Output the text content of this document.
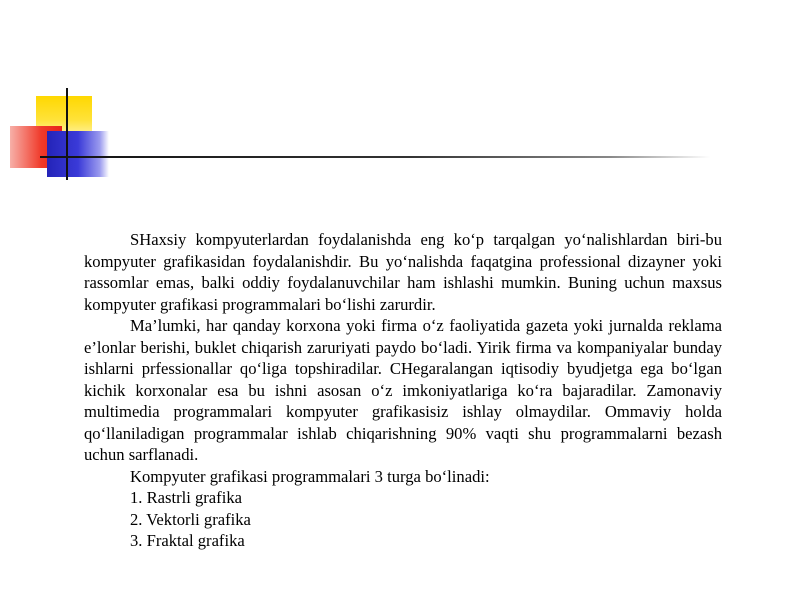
SHaxsiy kompyuterlardan foydalanishda eng ko‘p tarqalgan yo‘nalishlardan biri-bu kompyuter grafikasidan foydalanishdir. Bu yo‘nalishda faqatgina professional dizayner yoki rassomlar emas, balki oddiy foydalanuvchilar ham ishlashi mumkin. Buning uchun maxsus kompyuter grafikasi programmalari bo‘lishi zarurdir.

Ma’lumki, har qanday korxona yoki firma o‘z faoliyatida gazeta yoki jurnalda reklama e’lonlar berishi, buklet chiqarish zaruriyati paydo bo‘ladi. Yirik firma va kompaniyalar bunday ishlarni prfessionallar qo‘liga topshiradilar. CHegaralangan iqtisodiy byudjetga ega bo‘lgan kichik korxonalar esa bu ishni asosan o‘z imkoniyatlariga ko‘ra bajaradilar. Zamonaviy multimedia programmalari kompyuter grafikasisiz ishlay olmaydilar. Ommaviy holda qo‘llaniladigan programmalar ishlab chiqarishning 90% vaqti shu programmalarni bezash uchun sarflanadi.

Kompyuter grafikasi programmalari 3 turga bo‘linadi:

1. Rastrli grafika

2. Vektorli grafika

3. Fraktal grafika
